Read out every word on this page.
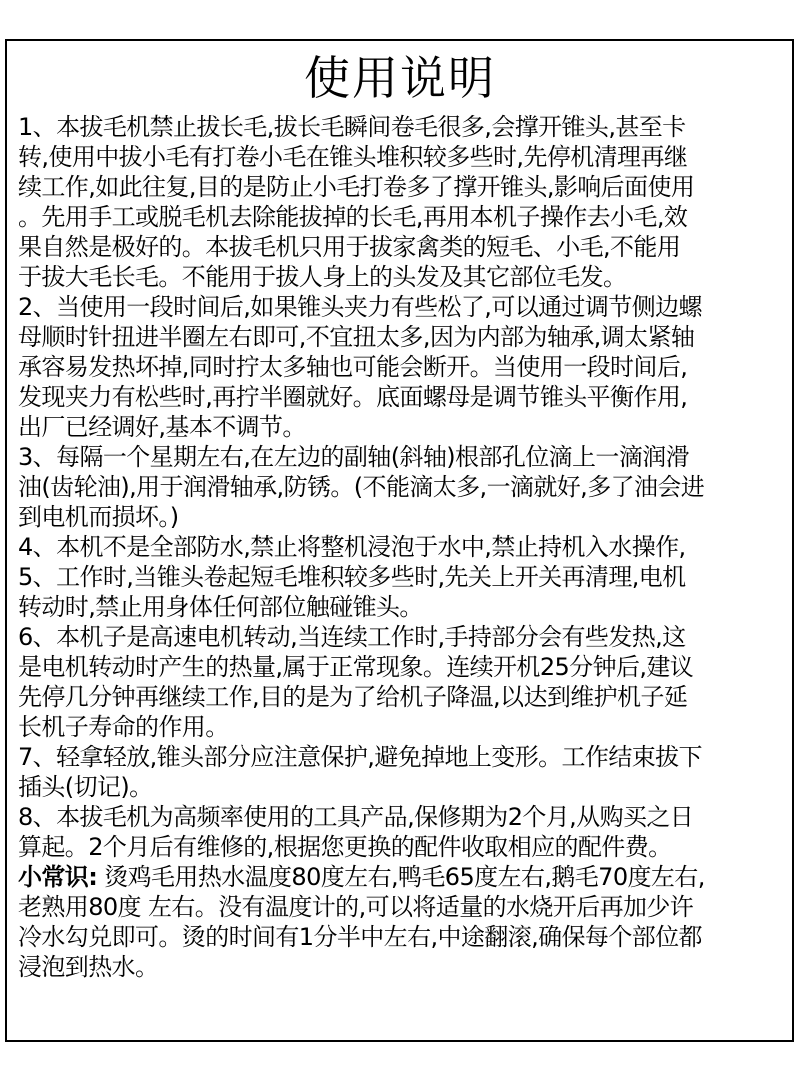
使用说明
1、本拔毛机禁止拔长毛,拔长毛瞬间卷毛很多,会撑开锥头,甚至卡
转,使用中拔小毛有打卷小毛在锥头堆积较多些时,先停机清理再继
续工作,如此往复,目的是防止小毛打卷多了撑开锥头,影响后面使用
。先用手工或脱毛机去除能拔掉的长毛,再用本机子操作去小毛,效
果自然是极好的。本拔毛机只用于拔家禽类的短毛、小毛,不能用
于拔大毛长毛。不能用于拔人身上的头发及其它部位毛发。
2、当使用一段时间后,如果锥头夹力有些松了,可以通过调节侧边螺
母顺时针扭进半圈左右即可,不宜扭太多,因为内部为轴承,调太紧轴
承容易发热坏掉,同时拧太多轴也可能会断开。当使用一段时间后,
发现夹力有松些时,再拧半圈就好。底面螺母是调节锥头平衡作用,
出厂已经调好,基本不调节。
3、每隔一个星期左右,在左边的副轴(斜轴)根部孔位滴上一滴润滑
油(齿轮油),用于润滑轴承,防锈。(不能滴太多,一滴就好,多了油会进
到电机而损坏。)
4、本机不是全部防水,禁止将整机浸泡于水中,禁止持机入水操作,
5、工作时,当锥头卷起短毛堆积较多些时,先关上开关再清理,电机
转动时,禁止用身体任何部位触碰锥头。
6、本机子是高速电机转动,当连续工作时,手持部分会有些发热,这
是电机转动时产生的热量,属于正常现象。连续开机25分钟后,建议
先停几分钟再继续工作,目的是为了给机子降温,以达到维护机子延
长机子寿命的作用。
7、轻拿轻放,锥头部分应注意保护,避免掉地上变形。工作结束拔下
插头(切记)。
8、本拔毛机为高频率使用的工具产品,保修期为2个月,从购买之日
算起。2个月后有维修的,根据您更换的配件收取相应的配件费。
小常识: 烫鸡毛用热水温度80度左右,鸭毛65度左右,鹅毛70度左右,
老熟用80度 左右。没有温度计的,可以将适量的水烧开后再加少许
冷水勾兑即可。烫的时间有1分半中左右,中途翻滚,确保每个部位都
浸泡到热水。
